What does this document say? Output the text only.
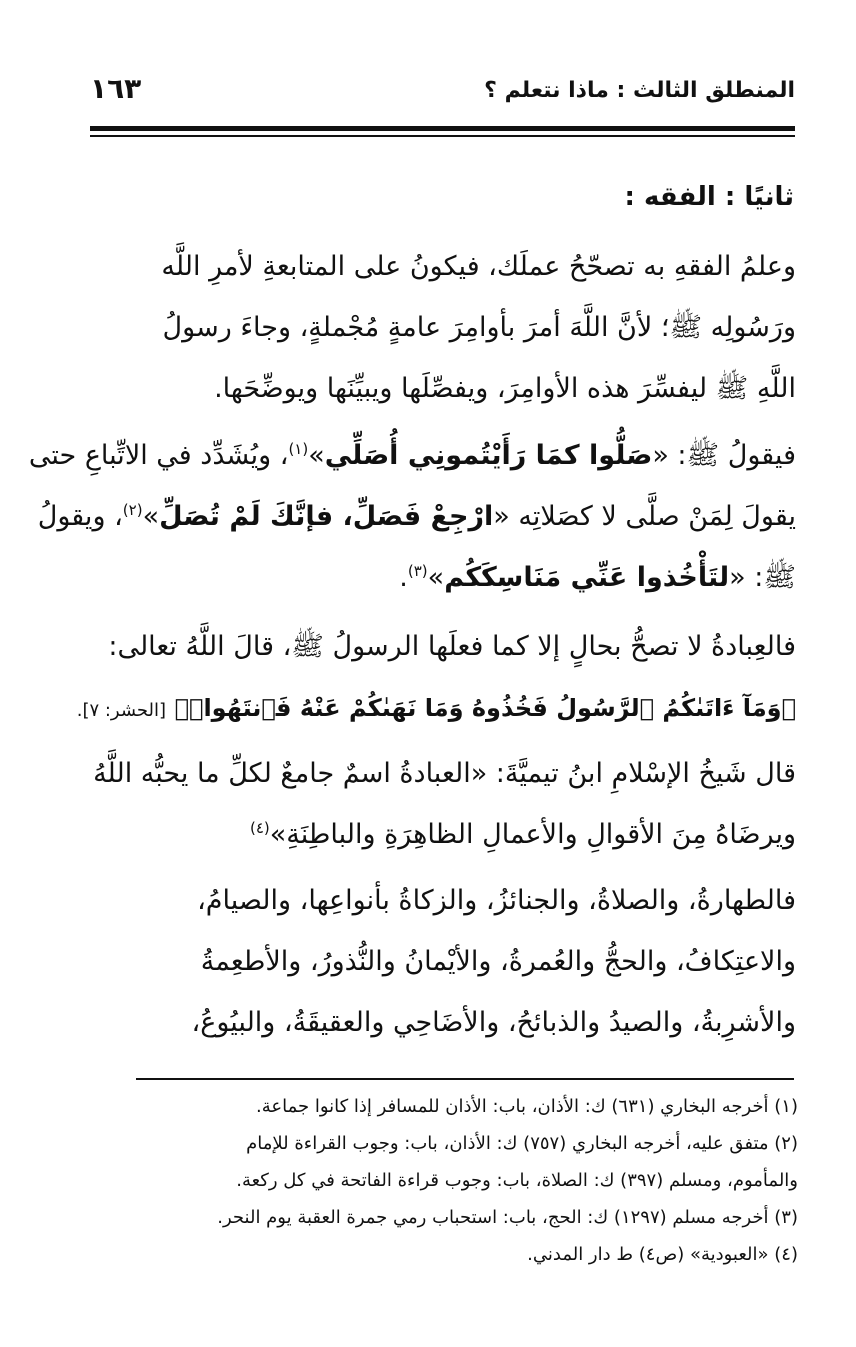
المنطلق الثالث : ماذا نتعلم ؟
١٦٣
ثانيًا : الفقه :
وعلمُ الفقهِ به تصحّحُ عملَك، فيكونُ على المتابعةِ لأمرِ اللَّه
ورَسُولِه ﷺ؛ لأنَّ اللَّهَ أمرَ بأوامِرَ عامةٍ مُجْملةٍ، وجاءَ رسولُ
اللَّهِ ﷺ ليفسِّرَ هذه الأوامِرَ، ويفصِّلَها ويبيِّنَها ويوضِّحَها.
فيقولُ ﷺ: «صَلُّوا كمَا رَأَيْتُمونِي أُصَلِّي»$^{(١)}$، ويُشَدِّد في الاتِّباعِ حتى
يقولَ لِمَنْ صلَّى لا كصَلاتِه «ارْجِعْ فَصَلِّ، فإنَّكَ لَمْ تُصَلِّ»$^{(٢)}$، ويقولُ
ﷺ: «لتَأْخُذوا عَنِّي مَنَاسِكَكُم»$^{(٣)}$.
فالعِبادةُ لا تصحُّ بحالٍ إلا كما فعلَها الرسولُ ﷺ، قالَ اللَّهُ تعالى:
﴿وَمَآ ءَاتَىٰكُمُ ٱلرَّسُولُ فَخُذُوهُ وَمَا نَهَىٰكُمْ عَنْهُ فَٱنتَهُوا۟﴾ [الحشر: ٧].
قال شَيخُ الإسْلامِ ابنُ تيميَّةَ: «العبادةُ اسمٌ جامعٌ لكلِّ ما يحبُّه اللَّهُ
ويرضَاهُ مِنَ الأقوالِ والأعمالِ الظاهِرَةِ والباطِنَةِ»$^{(٤)}$
فالطهارةُ، والصلاةُ، والجنائزُ، والزكاةُ بأنواعِها، والصيامُ،
والاعتِكافُ، والحجُّ والعُمرةُ، والأيْمانُ والنُّذورُ، والأطعِمةُ
والأشرِبةُ، والصيدُ والذبائحُ، والأضَاحِي والعقيقَةُ، والبيُوعُ،
(١) أخرجه البخاري (٦٣١) ك: الأذان، باب: الأذان للمسافر إذا كانوا جماعة.
(٢) متفق عليه، أخرجه البخاري (٧٥٧) ك: الأذان، باب: وجوب القراءة للإمام
والمأموم، ومسلم (٣٩٧) ك: الصلاة، باب: وجوب قراءة الفاتحة في كل ركعة.
(٣) أخرجه مسلم (١٢٩٧) ك: الحج، باب: استحباب رمي جمرة العقبة يوم النحر.
(٤) «العبودية» (ص٤) ط دار المدني.
